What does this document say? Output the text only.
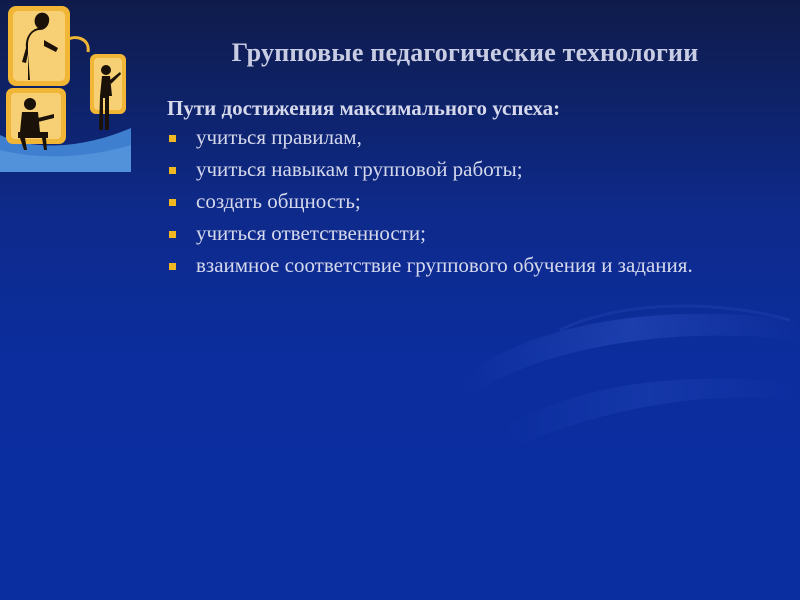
Групповые педагогические технологии
Пути достижения максимального успеха:
учиться правилам,
учиться навыкам групповой работы;
создать общность;
учиться ответственности;
взаимное соответствие группового обучения и задания.
